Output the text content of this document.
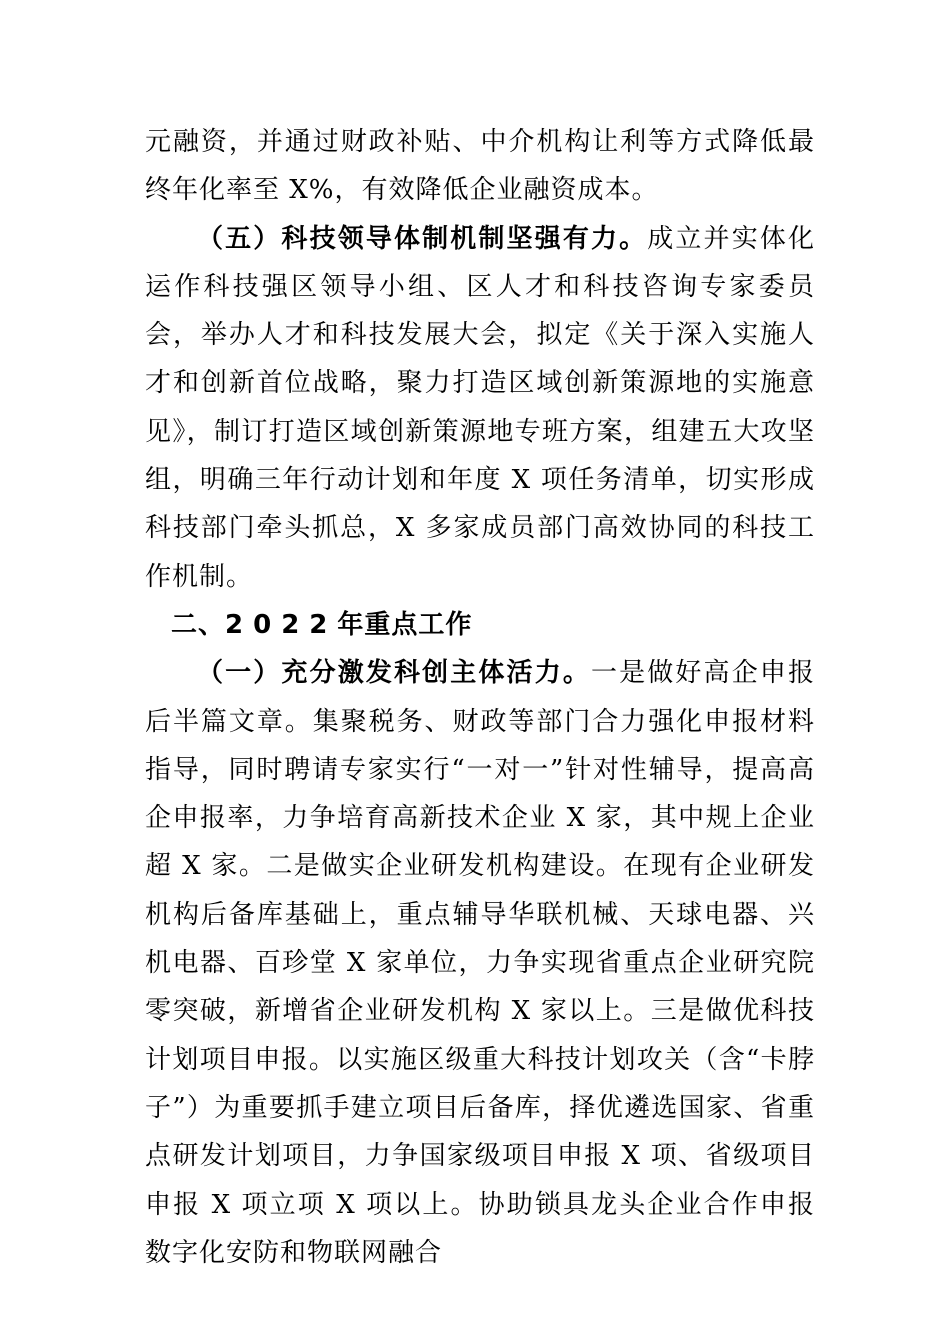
元融资，并通过财政补贴、中介机构让利等方式降低最终年化率至 X%，有效降低企业融资成本。

（五）科技领导体制机制坚强有力。成立并实体化运作科技强区领导小组、区人才和科技咨询专家委员会，举办人才和科技发展大会，拟定《关于深入实施人才和创新首位战略，聚力打造区域创新策源地的实施意见》，制订打造区域创新策源地专班方案，组建五大攻坚组，明确三年行动计划和年度 X 项任务清单，切实形成科技部门牵头抓总，X 多家成员部门高效协同的科技工作机制。

二、2022年重点工作

（一）充分激发科创主体活力。一是做好高企申报后半篇文章。集聚税务、财政等部门合力强化申报材料指导，同时聘请专家实行“一对一”针对性辅导，提高高企申报率，力争培育高新技术企业 X 家，其中规上企业超 X 家。二是做实企业研发机构建设。在现有企业研发机构后备库基础上，重点辅导华联机械、天球电器、兴机电器、百珍堂 X 家单位，力争实现省重点企业研究院零突破，新增省企业研发机构 X 家以上。三是做优科技计划项目申报。以实施区级重大科技计划攻关（含“卡脖子”）为重要抓手建立项目后备库，择优遴选国家、省重点研发计划项目，力争国家级项目申报 X 项、省级项目申报 X 项立项 X 项以上。协助锁具龙头企业合作申报数字化安防和物联网融合
